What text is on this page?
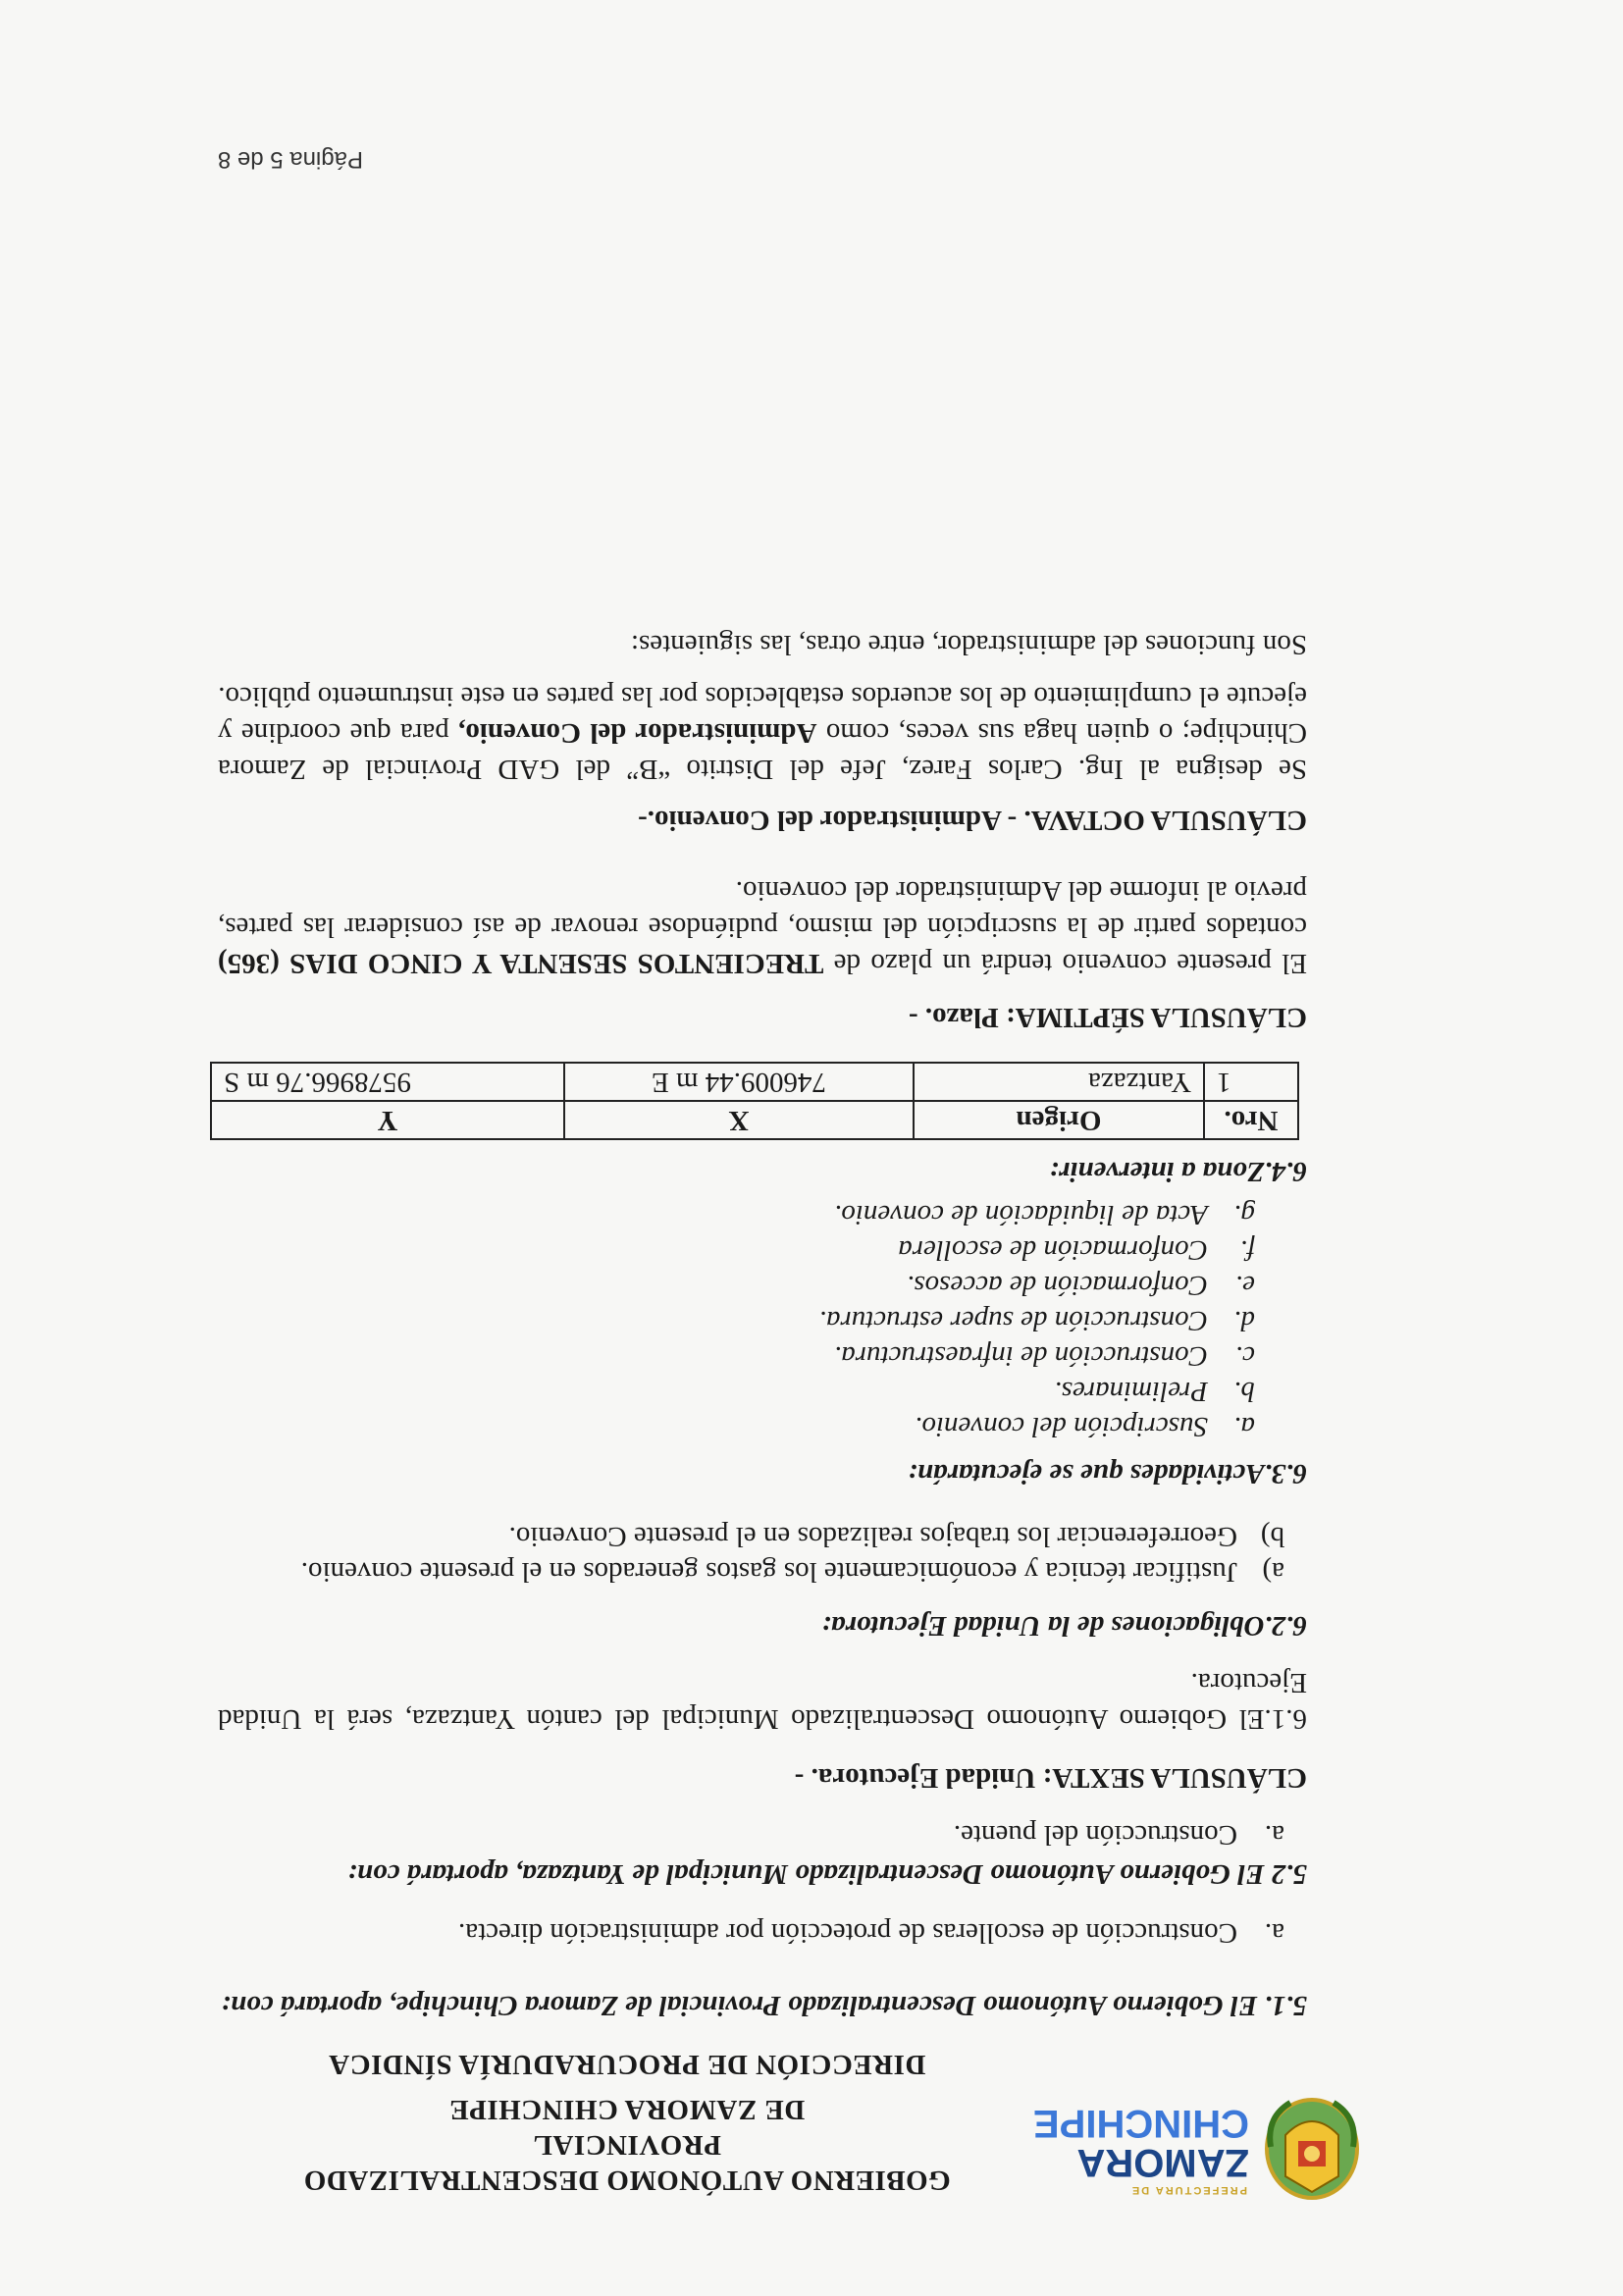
PREFECTURA DE
ZAMORA
CHINCHIPE
GOBIERNO AUTÓNOMO DESCENTRALIZADO PROVINCIAL
DE ZAMORA CHINCHIPE
DIRECCIÓN DE PROCURADURÍA SÍNDICA
5.1. El Gobierno Autónomo Descentralizado Provincial de Zamora Chinchipe, aportará con:
a.
Construcción de escolleras de protección por administración directa.
5.2 El Gobierno Autónomo Descentralizado Municipal de Yantzaza, aportará con:
a.
Construcción del puente.
CLÁUSULA SEXTA: Unidad Ejecutora. -
6.1.El Gobierno Autónomo Descentralizado Municipal del cantón Yantzaza, será la Unidad Ejecutora.
6.2.Obligaciones de la Unidad Ejecutora:
a)
Justificar técnica y económicamente los gastos generados en el presente convenio.
b)
Georreferenciar los trabajos realizados en el presente Convenio.
6.3.Actividades que se ejecutarán:
a.
Suscripción del convenio.
b.
Preliminares.
c.
Construcción de infraestructura.
d.
Construcción de super estructura.
e.
Conformación de accesos.
f.
Conformación de escollera
g.
Acta de liquidación de convenio.
6.4.Zona a intervenir:
Nro.	Origen	X	Y
1	Yantzaza	746009.44 m E	9578966.76 m S
CLÁUSULA SÉPTIMA: Plazo. -
El presente convenio tendrá un plazo de TRECIENTOS SESENTA Y CINCO DIAS (365) contados partir de la suscripción del mismo, pudiéndose renovar de así considerar las partes, previo al informe del Administrador del convenio.
CLÁUSULA OCTAVA. - Administrador del Convenio.-
Se designa al Ing. Carlos Farez, Jefe del Distrito “B” del GAD Provincial de Zamora Chinchipe; o quien haga sus veces, como Administrador del Convenio, para que coordine y ejecute el cumplimiento de los acuerdos establecidos por las partes en este instrumento público.
Son funciones del administrador, entre otras, las siguientes:
Página 5 de 8
